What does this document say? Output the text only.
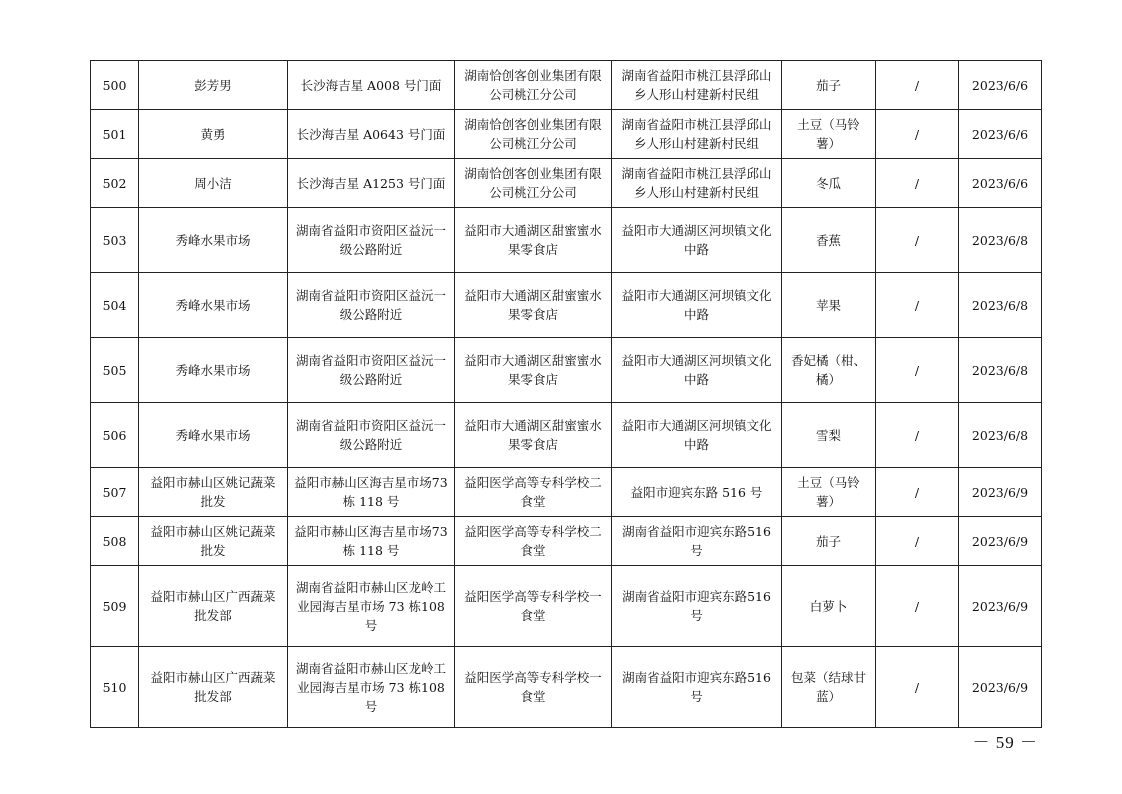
500	彭芳男	长沙海吉星 A008 号门面	湖南恰创客创业集团有限公司桃江分公司	湖南省益阳市桃江县浮邱山乡人形山村建新村民组	茄子	/	2023/6/6
501	黄勇	长沙海吉星 A0643 号门面	湖南恰创客创业集团有限公司桃江分公司	湖南省益阳市桃江县浮邱山乡人形山村建新村民组	土豆（马铃薯）	/	2023/6/6
502	周小洁	长沙海吉星 A1253 号门面	湖南恰创客创业集团有限公司桃江分公司	湖南省益阳市桃江县浮邱山乡人形山村建新村民组	冬瓜	/	2023/6/6
503	秀峰水果市场	湖南省益阳市资阳区益沅一级公路附近	益阳市大通湖区甜蜜蜜水果零食店	益阳市大通湖区河坝镇文化中路	香蕉	/	2023/6/8
504	秀峰水果市场	湖南省益阳市资阳区益沅一级公路附近	益阳市大通湖区甜蜜蜜水果零食店	益阳市大通湖区河坝镇文化中路	苹果	/	2023/6/8
505	秀峰水果市场	湖南省益阳市资阳区益沅一级公路附近	益阳市大通湖区甜蜜蜜水果零食店	益阳市大通湖区河坝镇文化中路	香妃橘（柑、橘）	/	2023/6/8
506	秀峰水果市场	湖南省益阳市资阳区益沅一级公路附近	益阳市大通湖区甜蜜蜜水果零食店	益阳市大通湖区河坝镇文化中路	雪梨	/	2023/6/8
507	益阳市赫山区姚记蔬菜批发	益阳市赫山区海吉星市场73 栋 118 号	益阳医学高等专科学校二食堂	益阳市迎宾东路 516 号	土豆（马铃薯）	/	2023/6/9
508	益阳市赫山区姚记蔬菜批发	益阳市赫山区海吉星市场73 栋 118 号	益阳医学高等专科学校二食堂	湖南省益阳市迎宾东路516 号	茄子	/	2023/6/9
509	益阳市赫山区广西蔬菜批发部	湖南省益阳市赫山区龙岭工业园海吉星市场 73 栋108 号	益阳医学高等专科学校一食堂	湖南省益阳市迎宾东路516 号	白萝卜	/	2023/6/9
510	益阳市赫山区广西蔬菜批发部	湖南省益阳市赫山区龙岭工业园海吉星市场 73 栋108 号	益阳医学高等专科学校一食堂	湖南省益阳市迎宾东路516 号	包菜（结球甘蓝）	/	2023/6/9
－ 59 －
